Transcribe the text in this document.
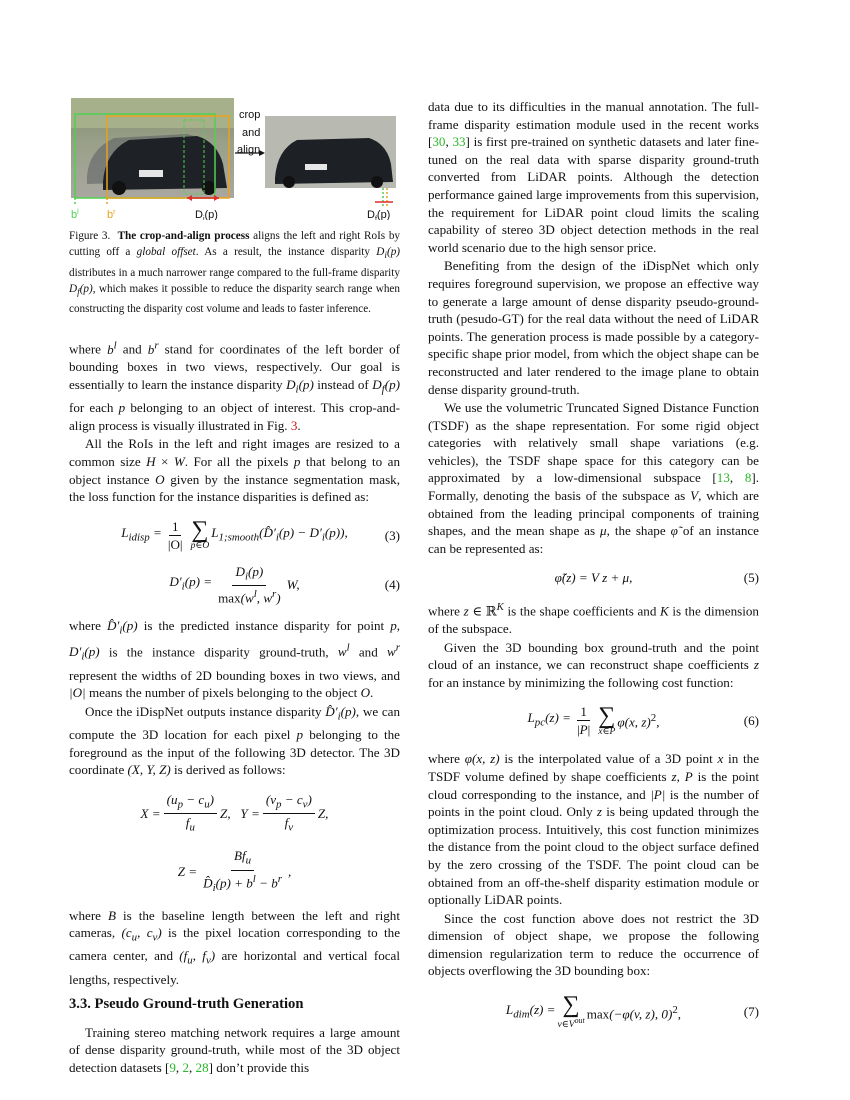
crop
and
align
$b^l$	$b^r$	$D_i(p)$	$D_f(p)$

Figure 3. The crop-and-align process aligns the left and right RoIs by cutting off a global offset. As a result, the instance disparity $D_i(p)$ distributes in a much narrower range compared to the full-frame disparity $D_f(p)$, which makes it possible to reduce the disparity search range when constructing the disparity cost volume and leads to faster inference.

where $b^l$ and $b^r$ stand for coordinates of the left border of bounding boxes in two views, respectively. Our goal is essentially to learn the instance disparity $D_i(p)$ instead of $D_f(p)$ for each p belonging to an object of interest. This crop-and-align process is visually illustrated in Fig. 3.

All the RoIs in the left and right images are resized to a common size H × W. For all the pixels p that belong to an object instance O given by the instance segmentation mask, the loss function for the instance disparities is defined as:

$L_{idisp} = \frac{1}{|O|}$ ∑
p∈O
$L_{1;smooth}(D̂'_i(p) - D'_i(p))$,	(3)
$D'_i(p) = \frac{D_i(p)}{\max(w^l, w^r)} W$,	(4)

where $D̂'_i(p)$ is the predicted instance disparity for point p, $D'_i(p)$ is the instance disparity ground-truth, $w^l$ and $w^r$ represent the widths of 2D bounding boxes in two views, and |O| means the number of pixels belonging to the object O.

Once the iDispNet outputs instance disparity $D̂'_i(p)$, we can compute the 3D location for each pixel p belonging to the foreground as the input of the following 3D detector. The 3D coordinate (X, Y, Z) is derived as follows:

$X = \frac{(u_p - c_u)}{f_u} Z$,   $Y = \frac{(v_p - c_v)}{f_v} Z$,
$Z = \frac{Bf_u}{D̂_i(p) + b^l - b^r}$ ,

where B is the baseline length between the left and right cameras, ($c_u$, $c_v$) is the pixel location corresponding to the camera center, and ($f_u$, $f_v$) are horizontal and vertical focal lengths, respectively.

3.3. Pseudo Ground-truth Generation

Training stereo matching network requires a large amount of dense disparity ground-truth, while most of the 3D object detection datasets [9, 2, 28] don’t provide this

data due to its difficulties in the manual annotation. The full-frame disparity estimation module used in the recent works [30, 33] is first pre-trained on synthetic datasets and later fine-tuned on the real data with sparse disparity ground-truth converted from LiDAR points. Although the detection performance gained large improvements from this supervision, the requirement for LiDAR point cloud limits the scaling capability of stereo 3D object detection methods in the real world scenario due to the high sensor price.

Benefiting from the design of the iDispNet which only requires foreground supervision, we propose an effective way to generate a large amount of dense disparity pseudo-ground-truth (pesudo-GT) for the real data without the need of LiDAR points. The generation process is made possible by a category-specific shape prior model, from which the object shape can be reconstructed and later rendered to the image plane to obtain dense disparity ground-truth.

We use the volumetric Truncated Signed Distance Function (TSDF) as the shape representation. For some rigid object categories with relatively small shape variations (e.g. vehicles), the TSDF shape space for this category can be approximated by a low-dimensional subspace [13, 8]. Formally, denoting the basis of the subspace as V, which are obtained from the leading principal components of training shapes, and the mean shape as μ, the shape φ̃ of an instance can be represented as:

φ̃(z) = V z + μ,	(5)

where z ∈ ℝ$^K$ is the shape coefficients and K is the dimension of the subspace.

Given the 3D bounding box ground-truth and the point cloud of an instance, we can reconstruct shape coefficients z for an instance by minimizing the following cost function:

$L_{pc}(z) = \frac{1}{|P|}$ ∑
x∈P
φ(x, z)$^2$,	(6)

where φ(x, z) is the interpolated value of a 3D point x in the TSDF volume defined by shape coefficients z, P is the point cloud corresponding to the instance, and |P| is the number of points in the point cloud. Only z is being updated through the optimization process. Intuitively, this cost function minimizes the distance from the point cloud to the object surface defined by the zero crossing of the TSDF. The point cloud can be obtained from an off-the-shelf disparity estimation module or optionally LiDAR points.

Since the cost function above does not restrict the 3D dimension of object shape, we propose the following dimension regularization term to reduce the occurrence of objects overflowing the 3D bounding box:

$L_{dim}(z)$ = ∑
$v\in V^{out}$ max(−φ(v, z), 0)$^2$,	(7)
